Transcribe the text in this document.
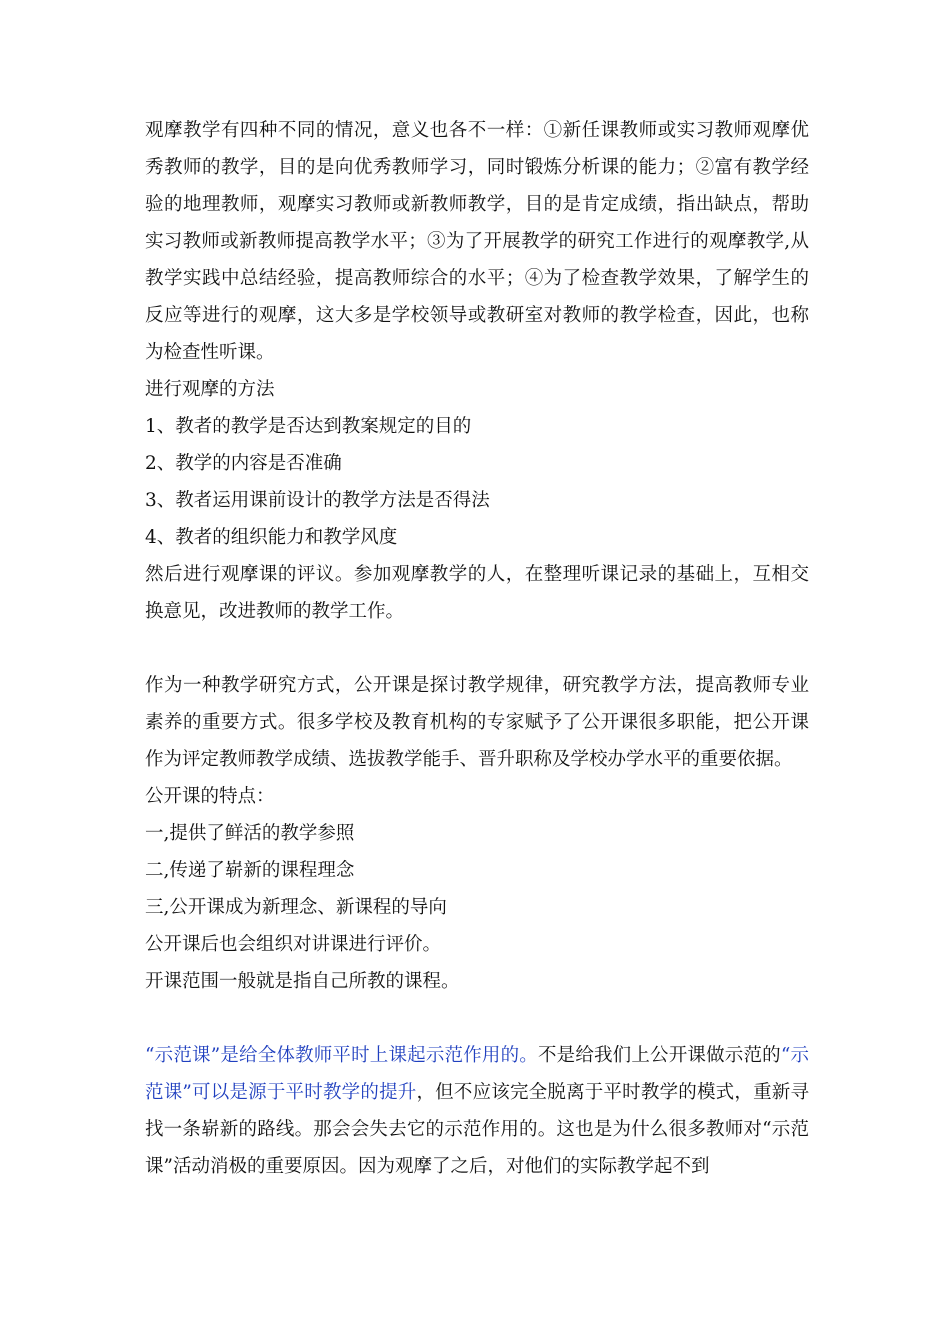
观摩教学有四种不同的情况，意义也各不一样：①新任课教师或实习教师观摩优秀教师的教学，目的是向优秀教师学习，同时锻炼分析课的能力；②富有教学经验的地理教师，观摩实习教师或新教师教学，目的是肯定成绩，指出缺点，帮助实习教师或新教师提高教学水平；③为了开展教学的研究工作进行的观摩教学,从教学实践中总结经验，提高教师综合的水平；④为了检查教学效果，了解学生的反应等进行的观摩，这大多是学校领导或教研室对教师的教学检查，因此，也称为检查性听课。

进行观摩的方法

1、教者的教学是否达到教案规定的目的

2、教学的内容是否准确

3、教者运用课前设计的教学方法是否得法

4、教者的组织能力和教学风度

然后进行观摩课的评议。参加观摩教学的人，在整理听课记录的基础上，互相交换意见，改进教师的教学工作。

作为一种教学研究方式，公开课是探讨教学规律，研究教学方法，提高教师专业素养的重要方式。很多学校及教育机构的专家赋予了公开课很多职能，把公开课作为评定教师教学成绩、选拔教学能手、晋升职称及学校办学水平的重要依据。

公开课的特点：

一,提供了鲜活的教学参照

二,传递了崭新的课程理念

三,公开课成为新理念、新课程的导向

公开课后也会组织对讲课进行评价。

开课范围一般就是指自己所教的课程。

“示范课”是给全体教师平时上课起示范作用的。不是给我们上公开课做示范的“示范课”可以是源于平时教学的提升，但不应该完全脱离于平时教学的模式，重新寻找一条崭新的路线。那会会失去它的示范作用的。这也是为什么很多教师对“示范课”活动消极的重要原因。因为观摩了之后，对他们的实际教学起不到
